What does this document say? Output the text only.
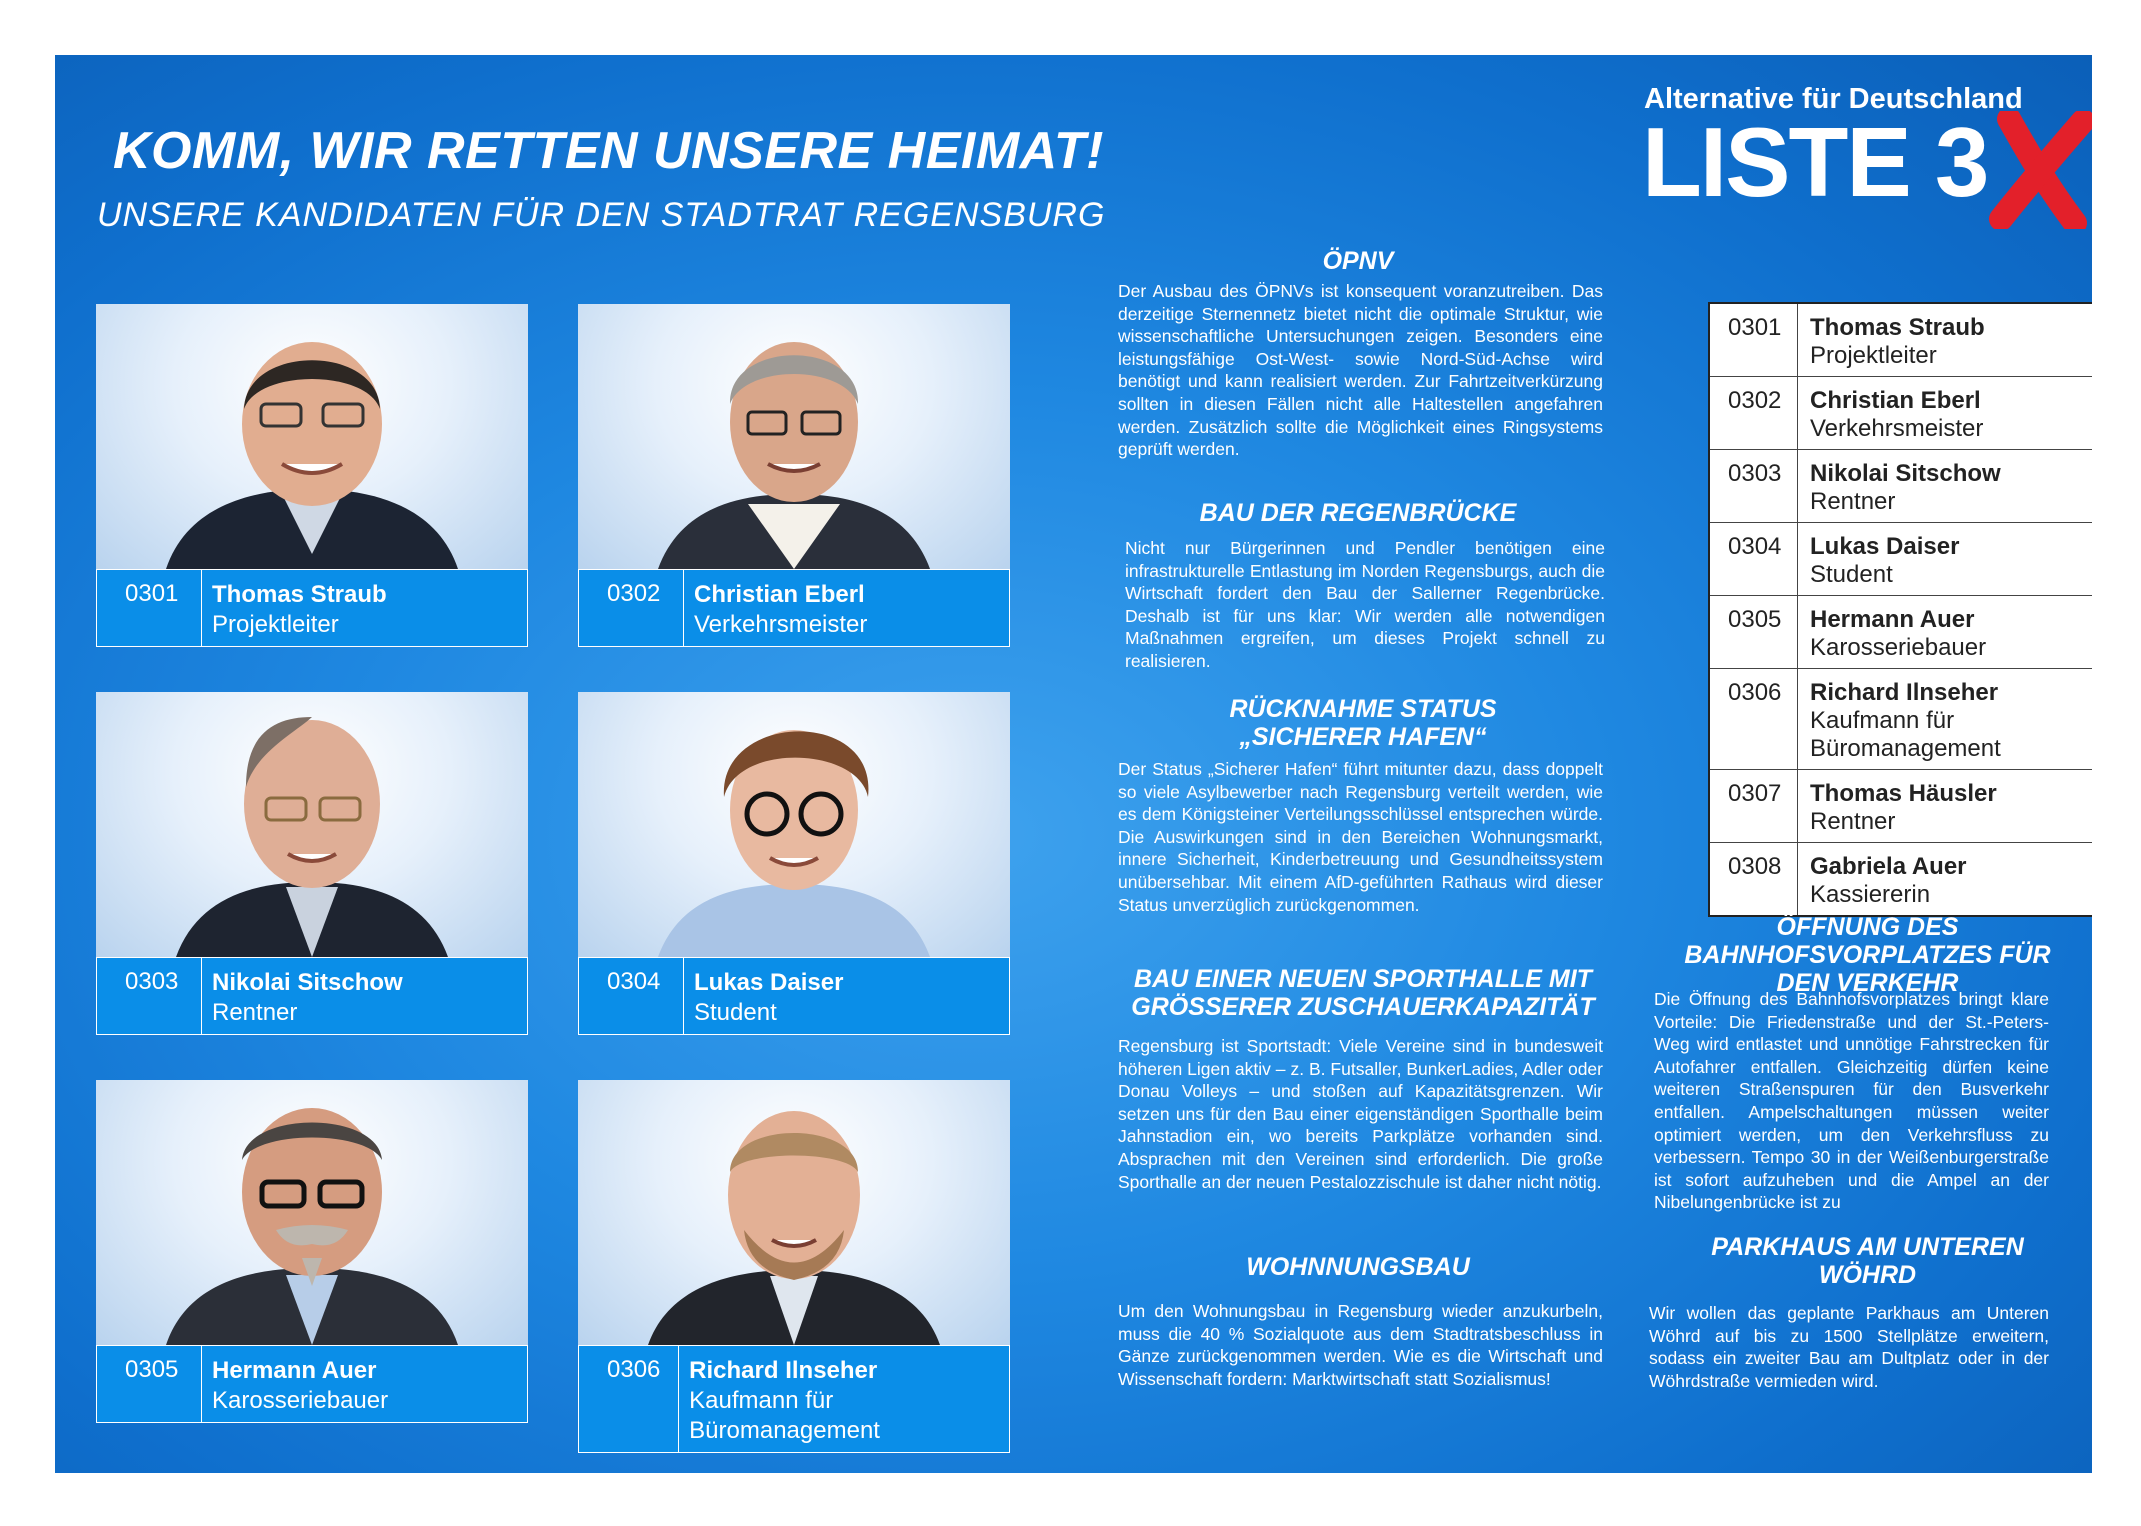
KOMM, WIR RETTEN UNSERE HEIMAT!
UNSERE KANDIDATEN FÜR DEN STADTRAT REGENSBURG
Alternative für Deutschland
LISTE 3
0301	Thomas Straub
Projektleiter
0302	Christian Eberl
Verkehrsmeister
0303	Nikolai Sitschow
Rentner
0304	Lukas Daiser
Student
0305	Hermann Auer
Karosseriebauer
0306	Richard Ilnseher
Kaufmann für Büromanagement
ÖPNV
Der Ausbau des ÖPNVs ist konsequent voranzutreiben. Das derzeitige Sternennetz bietet nicht die optimale Struktur, wie wissenschaftliche Untersuchungen zeigen. Besonders eine leistungsfähige Ost-West- sowie Nord-Süd-Achse wird benötigt und kann realisiert werden. Zur Fahrtzeitverkürzung sollten in diesen Fällen nicht alle Haltestellen angefahren werden. Zusätzlich sollte die Möglichkeit eines Ringsystems geprüft werden.
BAU DER REGENBRÜCKE
Nicht nur Bürgerinnen und Pendler benötigen eine infrastrukturelle Entlastung im Norden Regensburgs, auch die Wirtschaft fordert den Bau der Sallerner Regenbrücke. Deshalb ist für uns klar: Wir werden alle notwendigen Maßnahmen ergreifen, um dieses Projekt schnell zu realisieren.
RÜCKNAHME STATUS „SICHERER HAFEN“
Der Status „Sicherer Hafen“ führt mitunter dazu, dass doppelt so viele Asylbewerber nach Regensburg verteilt werden, wie es dem Königsteiner Verteilungsschlüssel entsprechen würde. Die Auswirkungen sind in den Bereichen Wohnungsmarkt, innere Sicherheit, Kinderbetreuung und Gesundheitssystem unübersehbar. Mit einem AfD-geführten Rathaus wird dieser Status unverzüglich zurückgenommen.
BAU EINER NEUEN SPORTHALLE MIT GRÖSSERER ZUSCHAUERKAPAZITÄT
Regensburg ist Sportstadt: Viele Vereine sind in bundesweit höheren Ligen aktiv – z. B. Futsaller, BunkerLadies, Adler oder Donau Volleys – und stoßen auf Kapazitätsgrenzen. Wir setzen uns für den Bau einer eigenständigen Sporthalle beim Jahnstadion ein, wo bereits Parkplätze vorhanden sind. Absprachen mit den Vereinen sind erforderlich. Die große Sporthalle an der neuen Pestalozzischule ist daher nicht nötig.
WOHNNUNGSBAU
Um den Wohnungsbau in Regensburg wieder anzukurbeln, muss die 40 % Sozialquote aus dem Stadtratsbeschluss in Gänze zurückgenommen werden. Wie es die Wirtschaft und Wissenschaft fordern: Marktwirtschaft statt Sozialismus!
0301	Thomas Straub
Projektleiter
0302	Christian Eberl
Verkehrsmeister
0303	Nikolai Sitschow
Rentner
0304	Lukas Daiser
Student
0305	Hermann Auer
Karosseriebauer
0306	Richard Ilnseher
Kaufmann für Büromanagement
0307	Thomas Häusler
Rentner
0308	Gabriela Auer
Kassiererin
ÖFFNUNG DES BAHNHOFSVORPLATZES FÜR DEN VERKEHR
Die Öffnung des Bahnhofsvorplatzes bringt klare Vorteile: Die Friedenstraße und der St.-Peters-Weg wird entlastet und unnötige Fahrstrecken für Autofahrer entfallen. Gleichzeitig dürfen keine weiteren Straßenspuren für den Busverkehr entfallen. Ampelschaltungen müssen weiter optimiert werden, um den Verkehrsfluss zu verbessern. Tempo 30 in der Weißenburgerstraße ist sofort aufzuheben und die Ampel an der Nibelungenbrücke ist zu
PARKHAUS AM UNTEREN WÖHRD
Wir wollen das geplante Parkhaus am Unteren Wöhrd auf bis zu 1500 Stellplätze erweitern, sodass ein zweiter Bau am Dultplatz oder in der Wöhrdstraße vermieden wird.
